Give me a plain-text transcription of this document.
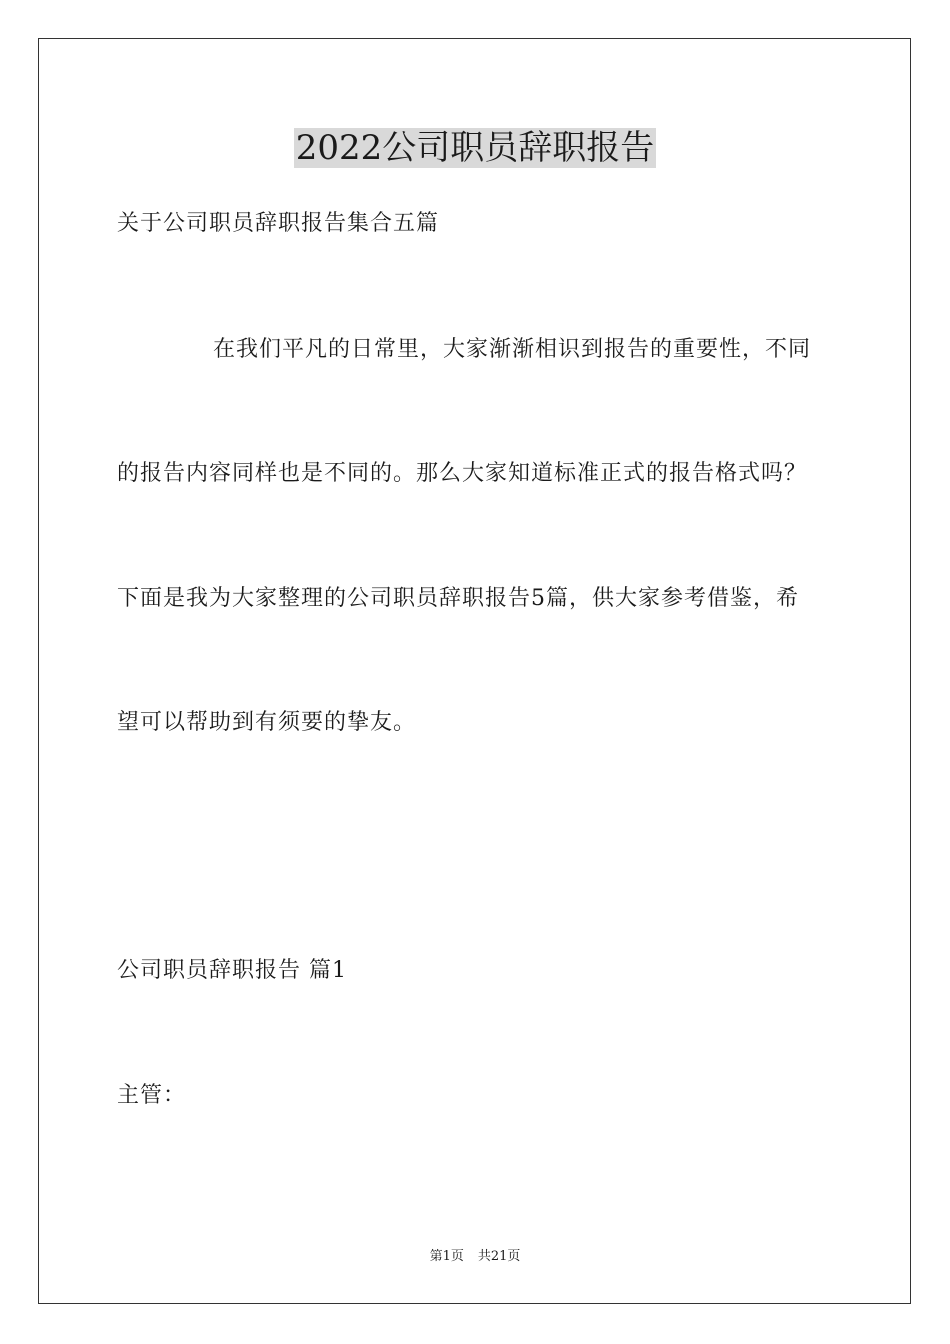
2022公司职员辞职报告
关于公司职员辞职报告集合五篇
在我们平凡的日常里，大家渐渐相识到报告的重要性，不同
的报告内容同样也是不同的。那么大家知道标准正式的报告格式吗？
下面是我为大家整理的公司职员辞职报告5篇，供大家参考借鉴，希
望可以帮助到有须要的挚友。
公司职员辞职报告 篇1
主管：
第1页 共21页
